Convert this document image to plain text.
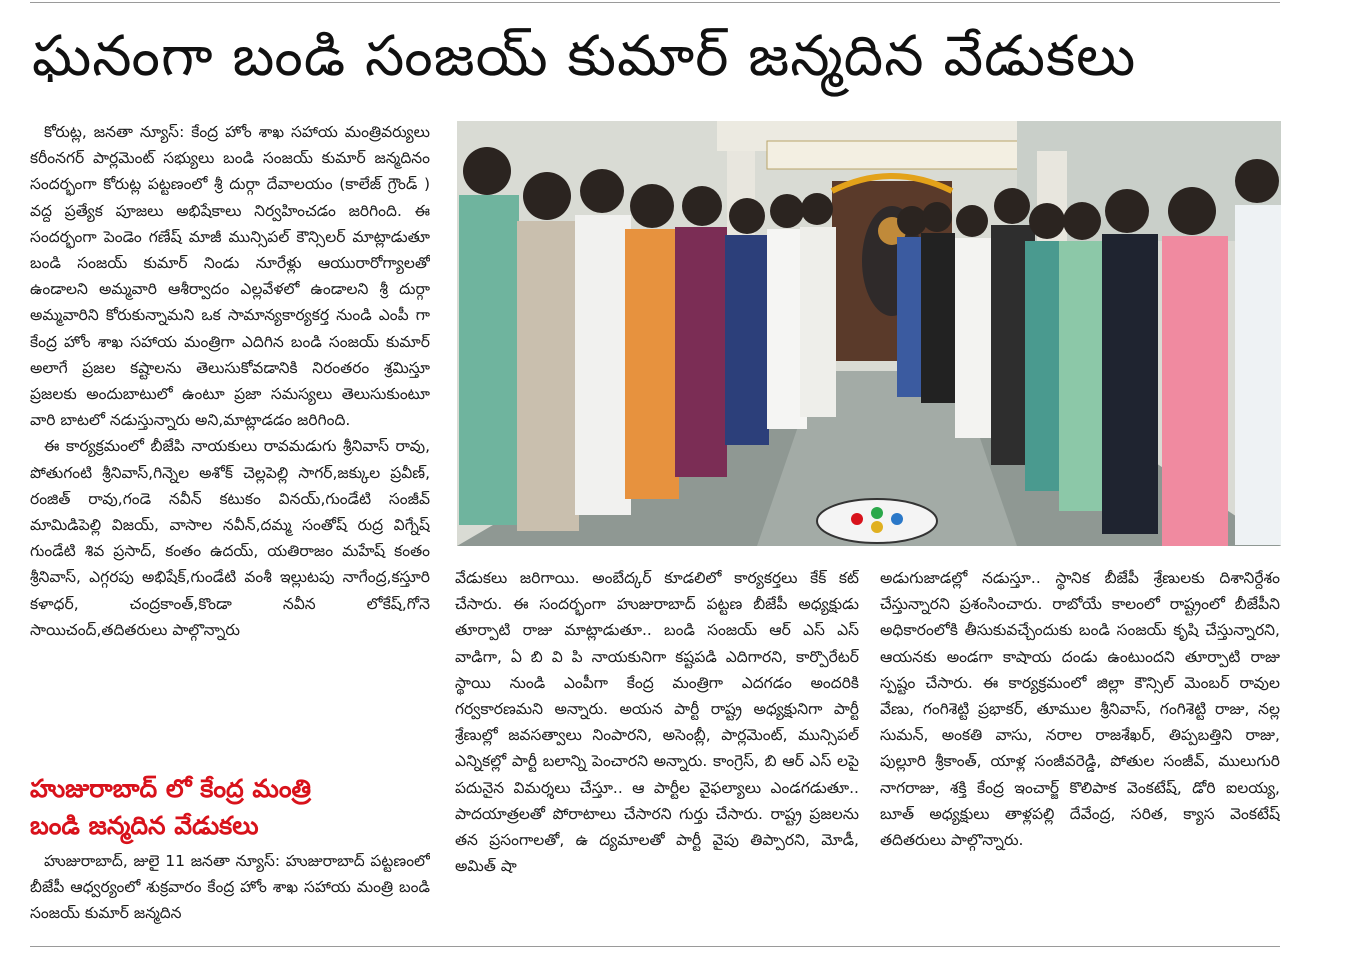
ఘనంగా బండి సంజయ్ కుమార్ జన్మదిన వేడుకలు

కోరుట్ల, జనతా న్యూస్: కేంద్ర హోం శాఖ సహాయ మంత్రివర్యులు కరీంనగర్ పార్లమెంట్ సభ్యులు బండి సంజయ్ కుమార్ జన్మదినం సందర్భంగా కోరుట్ల పట్టణంలో శ్రీ దుర్గా దేవాలయం (కాలేజ్ గ్రౌండ్ ) వద్ద ప్రత్యేక పూజలు అభిషేకాలు నిర్వహించడం జరిగింది. ఈ సందర్భంగా పెండెం గణేష్ మాజీ మున్సిపల్ కౌన్సిలర్ మాట్లాడుతూ బండి సంజయ్ కుమార్ నిండు నూరేళ్లు ఆయురారోగ్యాలతో ఉండాలని అమ్మవారి ఆశీర్వాదం ఎల్లవేళలో ఉండాలని శ్రీ దుర్గా అమ్మవారిని కోరుకున్నామని ఒక సామాన్యకార్యకర్త నుండి ఎంపీ గా కేంద్ర హోం శాఖ సహాయ మంత్రిగా ఎదిగిన బండి సంజయ్ కుమార్ అలాగే ప్రజల కష్టాలను తెలుసుకోవడానికి నిరంతరం శ్రమిస్తూ ప్రజలకు అందుబాటులో ఉంటూ ప్రజా సమస్యలు తెలుసుకుంటూ వారి బాటలో నడుస్తున్నారు అని,మాట్లాడడం జరిగింది.

ఈ కార్యక్రమంలో బీజేపి నాయకులు రావమడుగు శ్రీనివాస్ రావు, పోతుగంటి శ్రీనివాస్,గిన్నెల అశోక్ చెల్లపెల్లి సాగర్,జక్కుల ప్రవీణ్, రంజిత్ రావు,గండె నవీన్ కటుకం వినయ్,గుండేటి సంజీవ్ మామిడిపెల్లి విజయ్, వాసాల నవీన్,దమ్మ సంతోష్ రుద్ర విగ్నేష్ గుండేటి శివ ప్రసాద్, కంతం ఉదయ్, యతిరాజం మహేష్ కంతం శ్రీనివాస్, ఎగ్గరపు అభిషేక్,గుండేటి వంశీ ఇల్లుటపు నాగేంద్ర,కస్తూరి కళాధర్, చంద్రకాంత్,కొండా నవీన లోకేష్,గోనె సాయిచంద్,తదితరులు పాల్గొన్నారు

హుజురాబాద్ లో కేంద్ర మంత్రి
బండి జన్మదిన వేడుకలు

హుజురాబాద్, జులై 11 జనతా న్యూస్: హుజురాబాద్ పట్టణంలో బీజేపీ ఆధ్వర్యంలో శుక్రవారం కేంద్ర హోం శాఖ సహాయ మంత్రి బండి సంజయ్ కుమార్ జన్మదిన

వేడుకలు జరిగాయి. అంబేద్కర్ కూడలిలో కార్యకర్తలు కేక్ కట్ చేసారు. ఈ సందర్భంగా హుజురాబాద్ పట్టణ బీజేపీ అధ్యక్షుడు తూర్పాటి రాజు మాట్లాడుతూ.. బండి సంజయ్ ఆర్ ఎస్ ఎస్ వాడిగా, ఏ బి వి పి నాయకునిగా కష్టపడి ఎదిగారని, కార్పొరేటర్ స్థాయి నుండి ఎంపీగా కేంద్ర మంత్రిగా ఎదగడం అందరికి గర్వకారణమని అన్నారు. అయన పార్టీ రాష్ట్ర అధ్యక్షునిగా పార్టీ శ్రేణుల్లో జవసత్వాలు నింపారని, అసెంబ్లీ, పార్లమెంట్, మున్సిపల్ ఎన్నికల్లో పార్టీ బలాన్ని పెంచారని అన్నారు. కాంగ్రెస్, బి ఆర్ ఎస్ లపై పదునైన విమర్శలు చేస్తూ.. ఆ పార్టీల వైఫల్యాలు ఎండగడుతూ.. పాదయాత్రలతో పోరాటాలు చేసారని గుర్తు చేసారు. రాష్ట్ర ప్రజలను తన ప్రసంగాలతో, ఉ ద్యమాలతో పార్టీ వైపు తిప్పారని, మోడీ, అమిత్ షా

అడుగుజాడల్లో నడుస్తూ.. స్థానిక బీజేపీ శ్రేణులకు దిశానిర్దేశం చేస్తున్నారని ప్రశంసించారు. రాబోయే కాలంలో రాష్ట్రంలో బీజేపీని అధికారంలోకి తీసుకువచ్చేందుకు బండి సంజయ్ కృషి చేస్తున్నారని, ఆయనకు అండగా కాషాయ దండు ఉంటుందని తూర్పాటి రాజు స్పష్టం చేసారు. ఈ కార్యక్రమంలో జిల్లా కౌన్సిల్ మెంబర్ రావుల వేణు, గంగిశెట్టి ప్రభాకర్, తూముల శ్రీనివాస్, గంగిశెట్టి రాజు, నల్ల సుమన్, అంకతి వాసు, నరాల రాజశేఖర్, తిప్పబత్తిని రాజు, పుల్లూరి శ్రీకాంత్, యాళ్ల సంజీవరెడ్డి, పోతుల సంజీవ్, ములుగురి నాగరాజు, శక్తి కేంద్ర ఇంచార్జ్ కొలిపాక వెంకటేష్, డోరి ఐలయ్య, బూత్ అధ్యక్షులు తాళ్లపల్లి దేవేంద్ర, సరిత, క్యాస వెంకటేష్ తదితరులు పాల్గొన్నారు.
